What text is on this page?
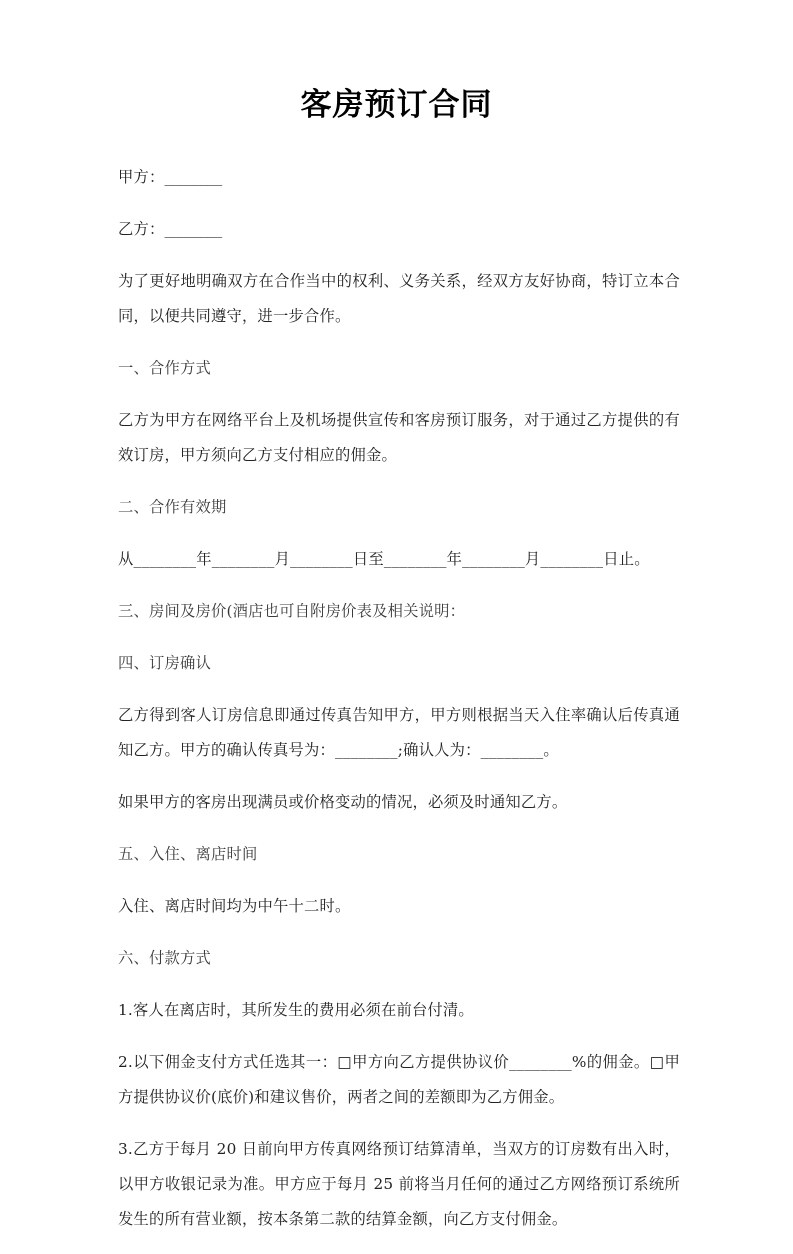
客房预订合同

甲方：________

乙方：________

为了更好地明确双方在合作当中的权利、义务关系，经双方友好协商，特订立本合同，以便共同遵守，进一步合作。

一、合作方式

乙方为甲方在网络平台上及机场提供宣传和客房预订服务，对于通过乙方提供的有效订房，甲方须向乙方支付相应的佣金。

二、合作有效期

从________年________月________日至________年________月________日止。

三、房间及房价(酒店也可自附房价表及相关说明：

四、订房确认

乙方得到客人订房信息即通过传真告知甲方，甲方则根据当天入住率确认后传真通知乙方。甲方的确认传真号为：________;确认人为：________。

如果甲方的客房出现满员或价格变动的情况，必须及时通知乙方。

五、入住、离店时间

入住、离店时间均为中午十二时。

六、付款方式

1.客人在离店时，其所发生的费用必须在前台付清。

2.以下佣金支付方式任选其一：□甲方向乙方提供协议价________%的佣金。□甲方提供协议价(底价)和建议售价，两者之间的差额即为乙方佣金。

3.乙方于每月 20 日前向甲方传真网络预订结算清单，当双方的订房数有出入时，以甲方收银记录为准。甲方应于每月 25 前将当月任何的通过乙方网络预订系统所发生的所有营业额，按本条第二款的结算金额，向乙方支付佣金。
